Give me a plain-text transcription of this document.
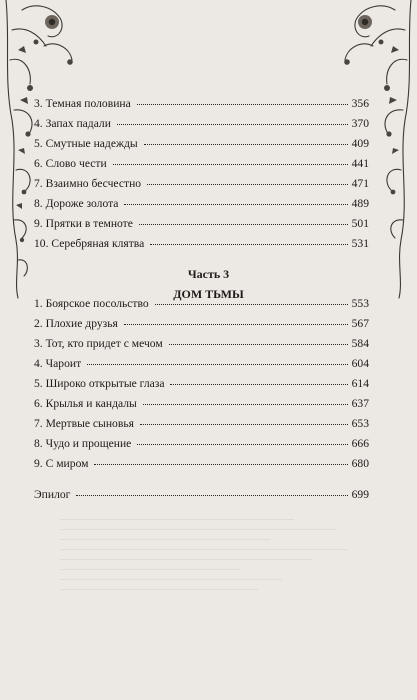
3. Темная половина	356
4. Запах падали	370
5. Смутные надежды	409
6. Слово чести	441
7. Взаимно бесчестно	471
8. Дороже золота	489
9. Прятки в темноте	501
10. Серебряная клятва	531
Часть 3
ДОМ ТЬМЫ
1. Боярское посольство	553
2. Плохие друзья	567
3. Тот, кто придет с мечом	584
4. Чароит	604
5. Широко открытые глаза	614
6. Крылья и кандалы	637
7. Мертвые сыновья	653
8. Чудо и прощение	666
9. С миром	680
Эпилог	699
